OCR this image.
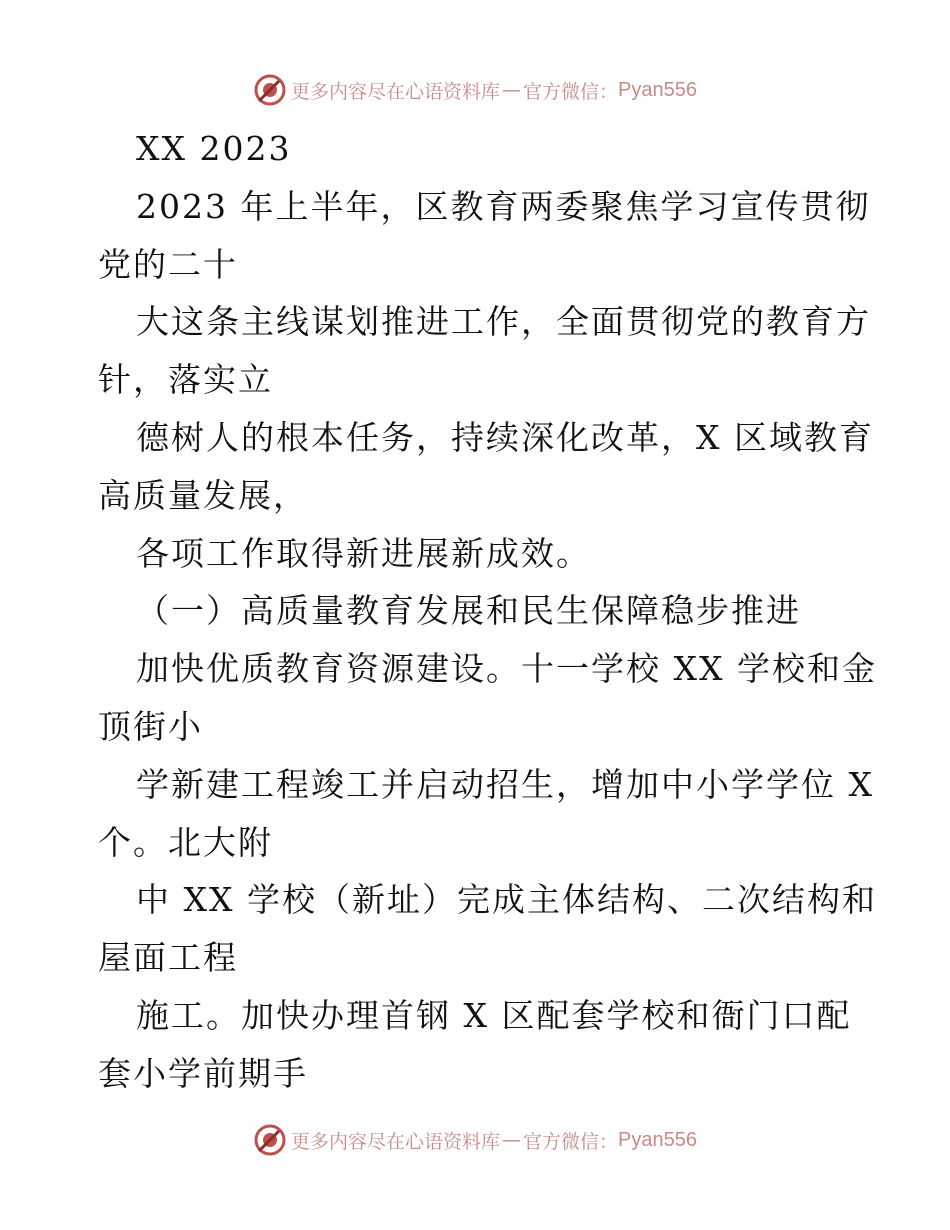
更多内容尽在心语资料库 — 官方微信： Pyan556
XX 2023
2023 年上半年，区教育两委聚焦学习宣传贯彻
党的二十
大这条主线谋划推进工作，全面贯彻党的教育方
针，落实立
德树人的根本任务，持续深化改革，X 区域教育
高质量发展，
各项工作取得新进展新成效。
（一）高质量教育发展和民生保障稳步推进
加快优质教育资源建设。十一学校 XX 学校和金
顶街小
学新建工程竣工并启动招生，增加中小学学位 X
个。北大附
中 XX 学校（新址）完成主体结构、二次结构和
屋面工程
施工。加快办理首钢 X 区配套学校和衙门口配
套小学前期手
更多内容尽在心语资料库 — 官方微信： Pyan556
